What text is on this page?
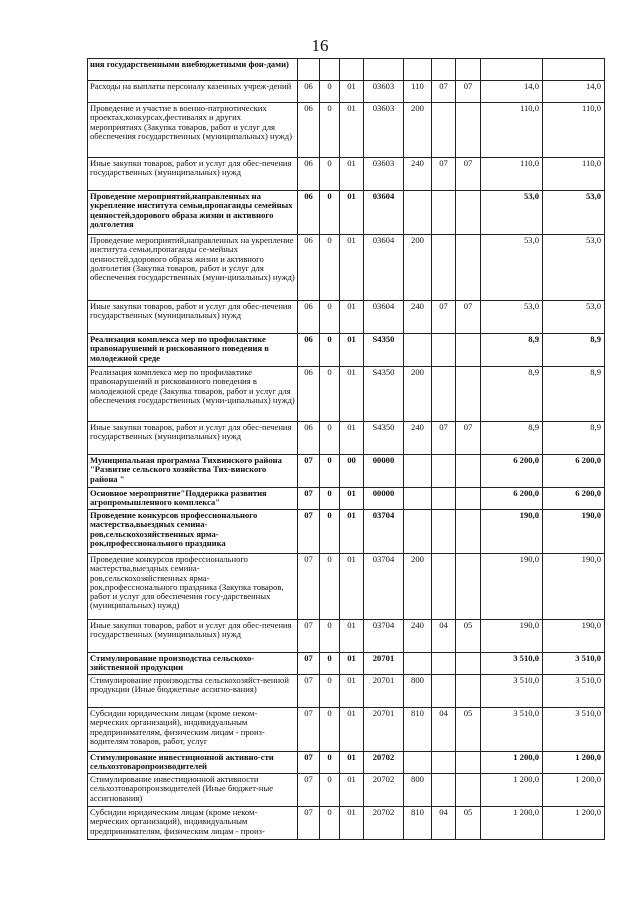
16
ния государственными внебюджетными фон-дами)									
Расходы на выплаты персоналу казенных учреж-дений	06	0	01	03603	110	07	07	14,0	14,0
Проведение и участие в военно-патриотических проектах,конкурсах,фестивалях и других мероприятиях (Закупка товаров, работ и услуг для обеспечения государственных (муниципальных) нужд)	06	0	01	03603	200			110,0	110,0
Иные закупки товаров, работ и услуг для обес-печения государственных (муниципальных) нужд	06	0	01	03603	240	07	07	110,0	110,0
Проведение мероприятий,направленных на укрепление института семьи,пропаганды семейных ценностей,здорового образа жизни и активного долголетия	06	0	01	03604				53,0	53,0
Проведение мероприятий,направленных на укрепление института семьи,пропаганды се-мейных ценностей,здорового образа жизни и активного долголетия (Закупка товаров, работ и услуг для обеспечения государственных (муни-ципальных) нужд)	06	0	01	03604	200			53,0	53,0
Иные закупки товаров, работ и услуг для обес-печения государственных (муниципальных) нужд	06	0	01	03604	240	07	07	53,0	53,0
Реализация комплекса мер по профилактике правонарушений и рискованного поведения в молодежной среде	06	0	01	S4350				8,9	8,9
Реализация комплекса мер по профилактике правонарушений и рискованного поведения в молодежной среде (Закупка товаров, работ и услуг для обеспечения государственных (муни-ципальных) нужд)	06	0	01	S4350	200			8,9	8,9
Иные закупки товаров, работ и услуг для обес-печения государственных (муниципальных) нужд	06	0	01	S4350	240	07	07	8,9	8,9
Муниципальная программа Тихвинского района "Развитие сельского хозяйства Тих-винского района "	07	0	00	00000				6 200,0	6 200,0
Основное мероприятие"Поддержка развития агропромышленного комплекса"	07	0	01	00000				6 200,0	6 200,0
Проведение конкурсов профессионального мастерства,выездных семина-ров,сельскохозяйственных ярма-рок,профессионального праздника	07	0	01	03704				190,0	190,0
Проведение конкурсов профессионального мастерства,выездных семина-ров,сельскохозяйственных ярма-рок,профессионального праздника (Закупка товаров, работ и услуг для обеспечения госу-дарственных (муниципальных) нужд)	07	0	01	03704	200			190,0	190,0
Иные закупки товаров, работ и услуг для обес-печения государственных (муниципальных) нужд	07	0	01	03704	240	04	05	190,0	190,0
Стимулирование производства сельскохо-зяйственной продукции	07	0	01	20701				3 510,0	3 510,0
Стимулирование производства сельскохозяйст-венной продукции (Иные бюджетные ассигно-вания)	07	0	01	20701	800			3 510,0	3 510,0
Субсидии юридическим лицам (кроме неком-мерческих организаций), индивидуальным предпринимателям, физическим лицам - произ-водителям товаров, работ, услуг	07	0	01	20701	810	04	05	3 510,0	3 510,0
Стимулирование инвестиционной активно-сти сельхозтоваропроизводителей	07	0	01	20702				1 200,0	1 200,0
Стимулирование инвестиционной активности сельхозтоваропроизводителей (Иные бюджет-ные ассигнования)	07	0	01	20702	800			1 200,0	1 200,0
Субсидии юридическим лицам (кроме неком-мерческих организаций), индивидуальным предпринимателям, физическим лицам - произ-	07	0	01	20702	810	04	05	1 200,0	1 200,0
